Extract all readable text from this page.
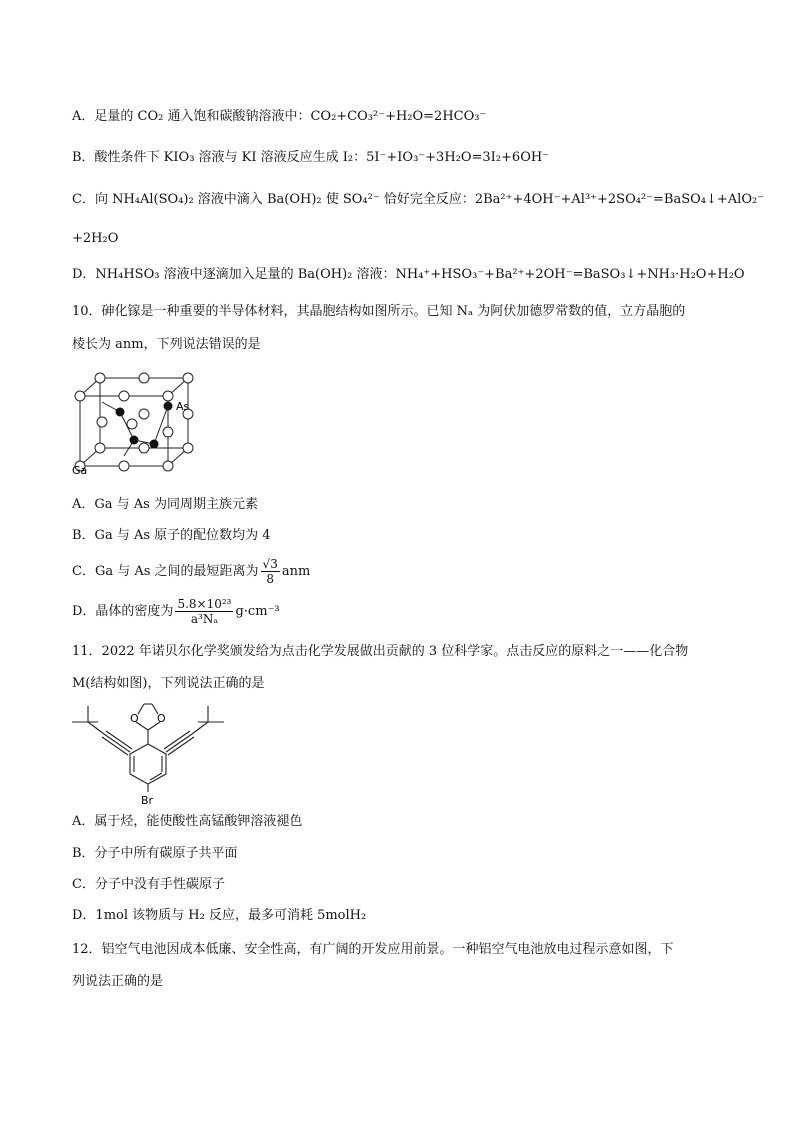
A．足量的 CO₂ 通入饱和碳酸钠溶液中：CO₂+CO₃²⁻+H₂O=2HCO₃⁻
B．酸性条件下 KIO₃ 溶液与 KI 溶液反应生成 I₂：5I⁻+IO₃⁻+3H₂O=3I₂+6OH⁻
C．向 NH₄Al(SO₄)₂ 溶液中滴入 Ba(OH)₂ 使 SO₄²⁻ 恰好完全反应：2Ba²⁺+4OH⁻+Al³⁺+2SO₄²⁻=BaSO₄↓+AlO₂⁻
+2H₂O
D．NH₄HSO₃ 溶液中逐滴加入足量的 Ba(OH)₂ 溶液：NH₄⁺+HSO₃⁻+Ba²⁺+2OH⁻=BaSO₃↓+NH₃·H₂O+H₂O
10．砷化镓是一种重要的半导体材料，其晶胞结构如图所示。已知 Nₐ 为阿伏加德罗常数的值，立方晶胞的
棱长为 anm，下列说法错误的是
As
Ga
A．Ga 与 As 为同周期主族元素
B．Ga 与 As 原子的配位数均为 4
C．Ga 与 As 之间的最短距离为 $\frac{√3}{8}$ anm
D．晶体的密度为 $\frac{\text{5.8×10²³}}{\text{a³Nₐ}} g\cdot cm^{-3}$
11．2022 年诺贝尔化学奖颁发给为点击化学发展做出贡献的 3 位科学家。点击反应的原料之一——化合物
M(结构如图)，下列说法正确的是
O O
Br
A．属于烃，能使酸性高锰酸钾溶液褪色
B．分子中所有碳原子共平面
C．分子中没有手性碳原子
D．1mol 该物质与 H₂ 反应，最多可消耗 5molH₂
12．铝空气电池因成本低廉、安全性高，有广阔的开发应用前景。一种铝空气电池放电过程示意如图，下
列说法正确的是
